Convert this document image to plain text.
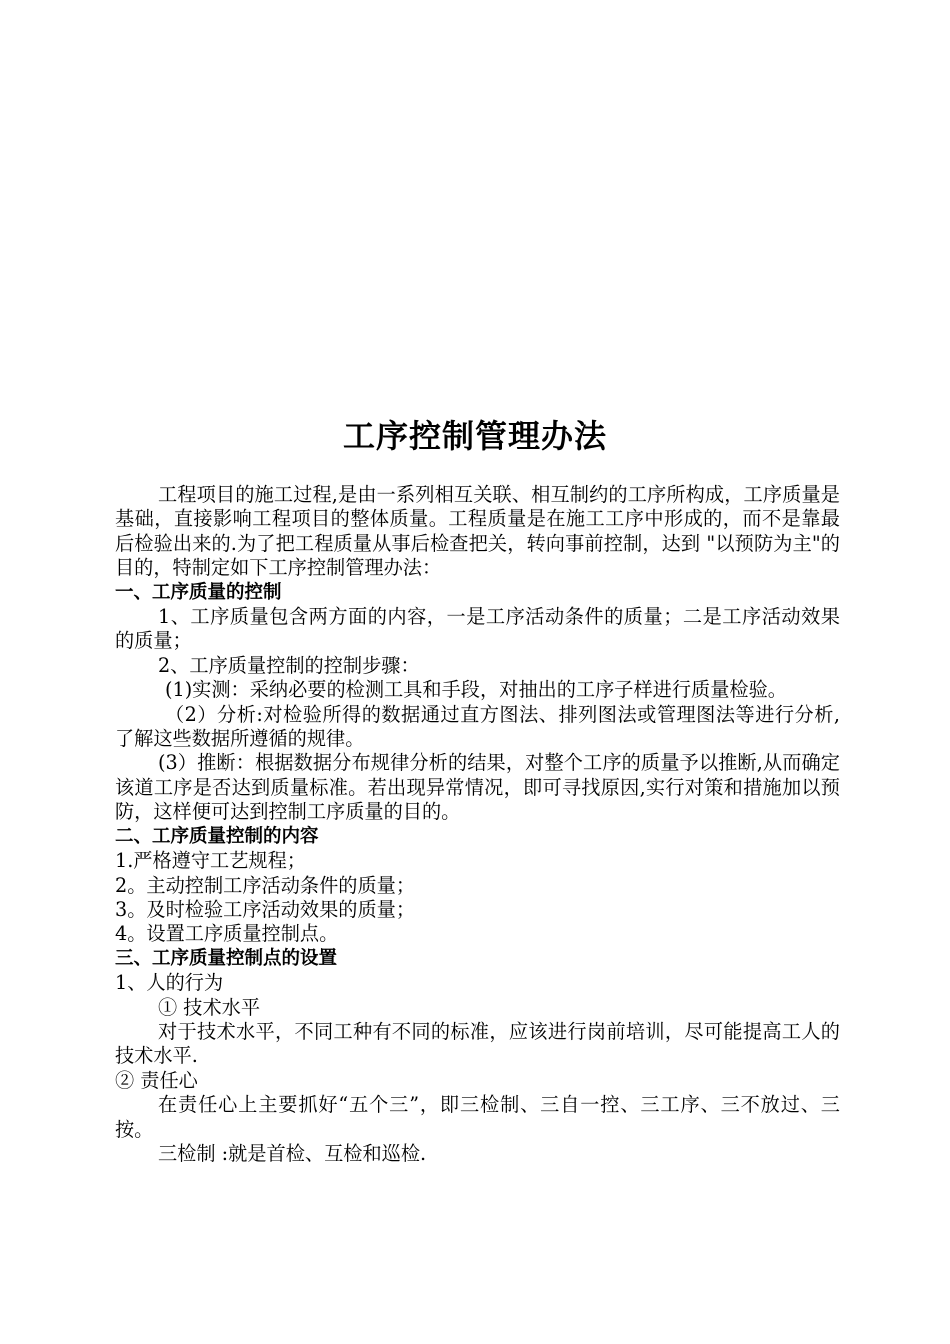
工序控制管理办法

工程项目的施工过程,是由一系列相互关联、相互制约的工序所构成，工序质量是基础，直接影响工程项目的整体质量。工程质量是在施工工序中形成的，而不是靠最后检验出来的.为了把工程质量从事后检查把关，转向事前控制，达到 "以预防为主"的目的，特制定如下工序控制管理办法：

一、工序质量的控制

1、工序质量包含两方面的内容，一是工序活动条件的质量；二是工序活动效果的质量；

2、工序质量控制的控制步骤：

(1)实测：采纳必要的检测工具和手段，对抽出的工序子样进行质量检验。

（2）分析:对检验所得的数据通过直方图法、排列图法或管理图法等进行分析,了解这些数据所遵循的规律。

(3）推断：根据数据分布规律分析的结果，对整个工序的质量予以推断,从而确定该道工序是否达到质量标准。若出现异常情况，即可寻找原因,实行对策和措施加以预防，这样便可达到控制工序质量的目的。

二、工序质量控制的内容

1.严格遵守工艺规程；

2。主动控制工序活动条件的质量；

3。及时检验工序活动效果的质量；

4。设置工序质量控制点。

三、工序质量控制点的设置

1、人的行为

① 技术水平

对于技术水平，不同工种有不同的标准，应该进行岗前培训，尽可能提高工人的技术水平.

② 责任心

在责任心上主要抓好“五个三”，即三检制、三自一控、三工序、三不放过、三按。

三检制 :就是首检、互检和巡检.
